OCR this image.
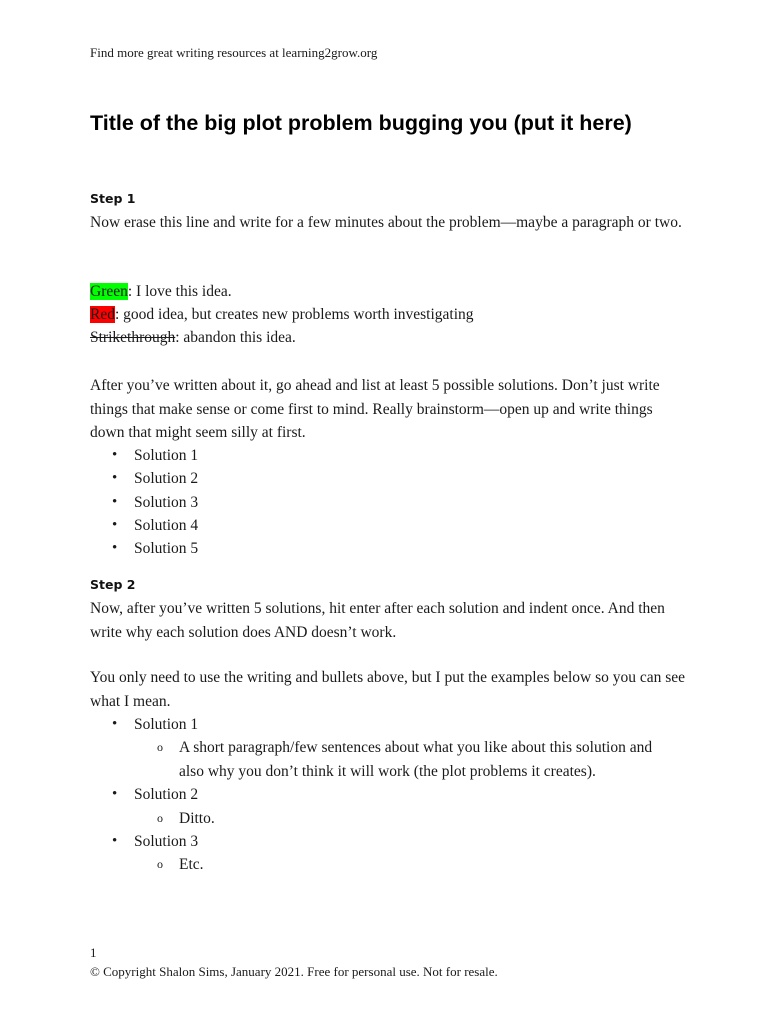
Find more great writing resources at learning2grow.org
Title of the big plot problem bugging you (put it here)
Step 1
Now erase this line and write for a few minutes about the problem—maybe a paragraph or two.
Green: I love this idea.
Red: good idea, but creates new problems worth investigating
Strikethrough: abandon this idea.
After you’ve written about it, go ahead and list at least 5 possible solutions. Don’t just write things that make sense or come first to mind. Really brainstorm—open up and write things down that might seem silly at first.
• Solution 1
• Solution 2
• Solution 3
• Solution 4
• Solution 5
Step 2
Now, after you’ve written 5 solutions, hit enter after each solution and indent once. And then write why each solution does AND doesn’t work.
You only need to use the writing and bullets above, but I put the examples below so you can see what I mean.
• Solution 1
o A short paragraph/few sentences about what you like about this solution and also why you don’t think it will work (the plot problems it creates).
• Solution 2
o Ditto.
• Solution 3
o Etc.
1
© Copyright Shalon Sims, January 2021. Free for personal use. Not for resale.
